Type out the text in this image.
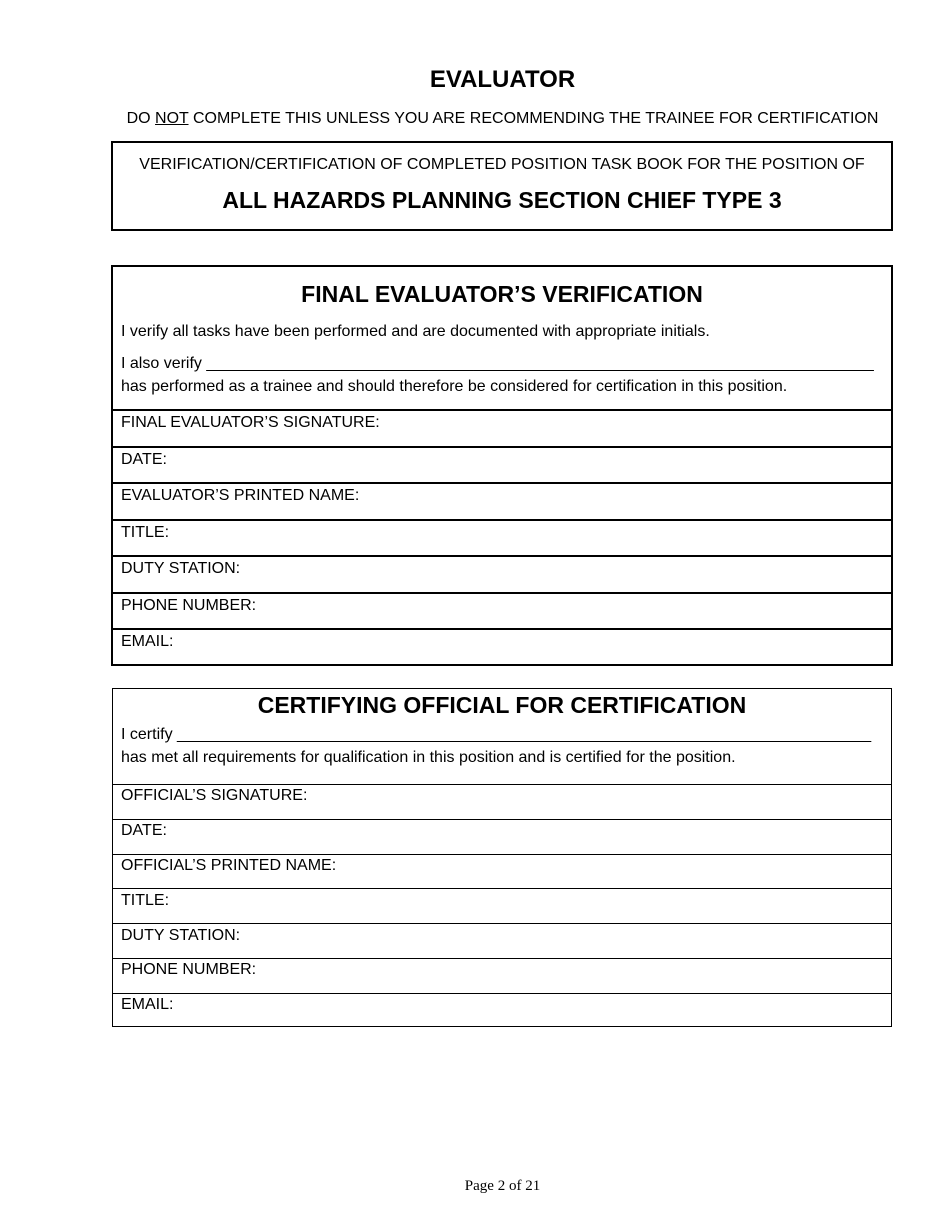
EVALUATOR
DO NOT COMPLETE THIS UNLESS YOU ARE RECOMMENDING THE TRAINEE FOR CERTIFICATION
VERIFICATION/CERTIFICATION OF COMPLETED POSITION TASK BOOK FOR THE POSITION OF
ALL HAZARDS PLANNING SECTION CHIEF TYPE 3
FINAL EVALUATOR’S VERIFICATION
I verify all tasks have been performed and are documented with appropriate initials.
I also verify ___________________________________________________________________________
has performed as a trainee and should therefore be considered for certification in this position.
FINAL EVALUATOR’S SIGNATURE:
DATE:
EVALUATOR’S PRINTED NAME:
TITLE:
DUTY STATION:
PHONE NUMBER:
EMAIL:
CERTIFYING OFFICIAL FOR CERTIFICATION
I certify ______________________________________________________________________________
has met all requirements for qualification in this position and is certified for the position.
OFFICIAL’S SIGNATURE:
DATE:
OFFICIAL’S PRINTED NAME:
TITLE:
DUTY STATION:
PHONE NUMBER:
EMAIL:
Page 2 of 21
